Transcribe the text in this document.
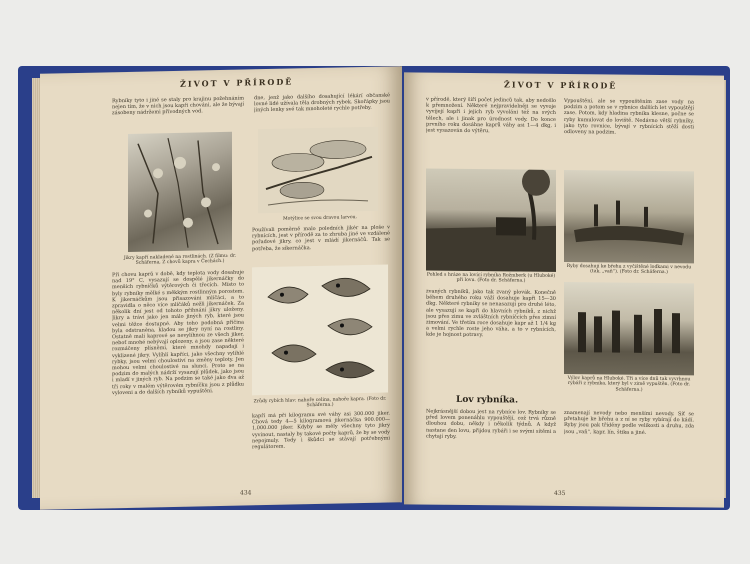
ŽIVOT V PŘÍRODĚ

Rybníky tyto i jiné se staly pro krajinu požehnáním nejen tím, že v nich jsou kapři chováni, ale že bývají zásobeny nádržemi přívodných vod.

dne, jenž jako dalšího dosahující lékárí občanské lovné lidé užívala těla drobných rybek. Skořápky jsou jiných lenky své tak mnoholeté rychle potřeby.

Jikry kapří nakladené na rostlinách. (Z filmu: dr. Schäferna, Z chovů kapra v Čechách.)
Motýlice se svou dravou larvou.

Používali poměrně malo poledních jikér na ploše v rybnících, jest v přírodě za to zhruba jiné ve vzdálené pořadové jikry, co jest v mládí jikernáčů. Tak se potřeba, že síkernáčka.

Při chovu kaprů v době, kdy teplota vody dosahuje nad 19° C, vysazují se dospělé jikernáčky do menších rybníčků výtěrových či třecích. Místo to byly rybníky mělké s měkkým rostlinným porostem. K jikernáčkům jsou přisazováni mlíčáci, a to zpravidla o něco více mlíčáků nežli jikernáček. Za několik dní jest od tohoto přihnání jikry uloženy. Jikry a tráví jako jen málo jiných ryb, které jsou velmi těžce dostupné. Aby toho podobná příčina byla odstraněna, kladou se jikry nyní na rostliny. Ostatně malí kaprové se nevylíhnou ze všech jiker, neboť mnohé nebývají oplozeny, a jsou zase některé rozmáčeny plísněmi, které mnohdy napadají i vyklizené jikry. Vylíhlí kapříci, jako všechny vylíhlé rybky, jsou velmi choulostiví na změny teploty. Jen mohou velmi choulostivé na slunci. Proto se na podzim do malých nádrží vysazují plůdek, jako jsou i mladí v jiných ryb. Na podzim se také jako dva až tři roky v malém výtěrovém rybníčku jsou z plůdku vyloveni a do dalších rybníků vypuštěni.

Zrůdy rybích hlav: nahoře celina, nahoře kapra. (Foto dr. Schäferna.)

kapří má při kilogramu své váhy asi 300.000 jiker. Chová tedy 4—5 kilogramová jikernáčka 900.000—1,000.000 jiker. Kdyby se měly všechny tyto jikry vyvinout, nastaly by takové počty kaprů, že by se vody nepojmuly. Tedy i škůdci se stávají potřebnými regulátorem.

434
ŽIVOT V PŘÍRODĚ

v přírodě, který šíří počet jedinců tak, aby nedošlo k přemnožení. Některé nejpravidelněji se vyvoje vyvíjejí kapři i jejich ryb vyvoláni též na svých tělech, ale i jinak pro úrodnost vody. Do konce prvního roku dosáhne kaprů váhy asi 1—4 dkg, i jest vysazován do výtěru.

Vypouštění, ale se vypouštěním zase vody na podzim a potom se v rybníce dalších let vypouštějí zase. Potom, kdy hladina rybníka klesne, počne se ryby kumulovat do loviště. Nedávno větší rybníky, jako tyto rovnice, bývají v rybnících stěží dosti odloveny na podzim.

Pohled s hráze na lovící rybníka Rožmberk (u Hluboké) při lovu. (Foto dr. Schäferna.)
Ryby dosahují ke břehu z vyčištěné loďkami v nevodu (tak. „vaň“). (Foto dr. Schäferna.)

zvaných rybníků, jako tak zvaný plovák. Konečně během druhého roku váží dosahuje kapři 15—30 dkg. Některé rybníky se nenasazují pro druhé léto, ale vysazují se kapři do hlavních rybníků, z nichž jsou přes zimu ve zvláštních rybníčcích přes zimní zimování. Ve třetím roce dosahuje kapr až 1 1/4 kg a velmi rychle roste jeho váha, a to v rybnících, kde je hojnost potravy.

Výlov kaprů na Hluboké. Tři a více dnů tak vyvrhnou rybáři z rybníka, který byl v zimě vypuštěn. (Foto dr. Schäferna.)
Lov rybníka.

Nejkrásnější dobou jest na rybníce lov. Rybníky se před lovem ponenáhlu vypouštějí, což trvá různě dlouhou dobu, někdy i několik týdnů. A když nastane den lovu, přijdou rybáři i se svými sítěmi a chytají ryby.

znamenají nevody nebo menšími nevody. Síť se přetahuje ke břehu a z ní se ryby vybírají do kádí. Ryby jsou pak tříděny podle velikosti a druhu, zda jsou „vaň“, kapr, lín, štika a jiné.

435
